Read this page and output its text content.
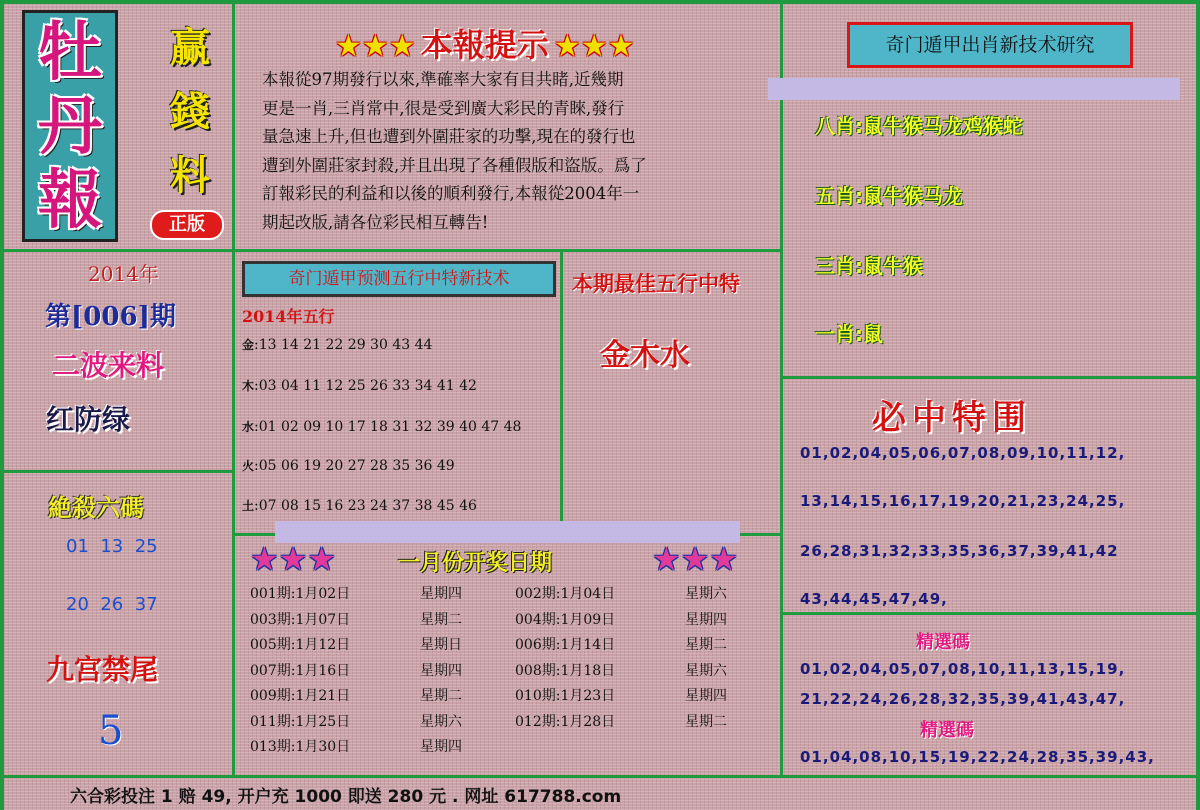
牡
丹
報
赢
錢
料
正版
★★★ 本報提示 ★★★
本報從97期發行以來,準確率大家有目共睹,近幾期
更是一肖,三肖常中,很是受到廣大彩民的青睞,發行
量急速上升,但也遭到外圍莊家的功擊,現在的發行也
遭到外圍莊家封殺,并且出現了各種假版和盜版。爲了
訂報彩民的利益和以後的順利發行,本報從2004年一
期起改版,請各位彩民相互轉告!
奇门遁甲出肖新技术研究
八肖:鼠牛猴马龙鸡猴蛇
五肖:鼠牛猴马龙
三肖:鼠牛猴
一肖:鼠
2014年
第[006]期
二波来料
红防绿
絶殺六碼
01  13  25
20  26  37
九宫禁尾
5
奇门遁甲预测五行中特新技术
2014年五行
金:13 14 21 22 29 30 43 44
木:03 04 11 12 25 26 33 34 41 42
水:01 02 09 10 17 18 31 32 39 40 47 48
火:05 06 19 20 27 28 35 36 49
土:07 08 15 16 23 24 37 38 45 46
本期最佳五行中特
金木水
★★★	一月份开奖日期	★★★
001期:1月02日	星期四	002期:1月04日	星期六
003期:1月07日	星期二	004期:1月09日	星期四
005期:1月12日	星期日	006期:1月14日	星期二
007期:1月16日	星期四	008期:1月18日	星期六
009期:1月21日	星期二	010期:1月23日	星期四
011期:1月25日	星期六	012期:1月28日	星期二
013期:1月30日	星期四
必中特围
01,02,04,05,06,07,08,09,10,11,12,
13,14,15,16,17,19,20,21,23,24,25,
26,28,31,32,33,35,36,37,39,41,42
43,44,45,47,49,
精選碼
01,02,04,05,07,08,10,11,13,15,19,
21,22,24,26,28,32,35,39,41,43,47,
精選碼
01,04,08,10,15,19,22,24,28,35,39,43,
六合彩投注 1 赔 49, 开户充 1000 即送 280 元 . 网址 617788.com
